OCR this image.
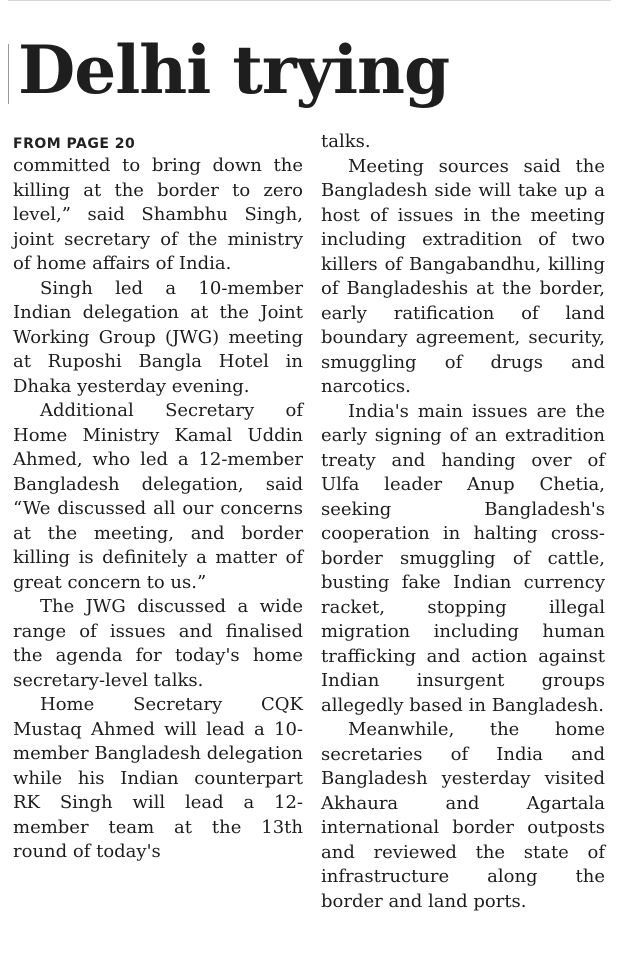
Delhi trying

FROM PAGE 20

committed to bring down the killing at the border to zero level,” said Shambhu Singh, joint secretary of the ministry of home affairs of India.

Singh led a 10-member Indian delegation at the Joint Working Group (JWG) meeting at Ruposhi Bangla Hotel in Dhaka yesterday evening.

Additional Secretary of Home Ministry Kamal Uddin Ahmed, who led a 12-member Bangladesh delegation, said “We discussed all our concerns at the meeting, and border killing is definitely a matter of great concern to us.”

The JWG discussed a wide range of issues and finalised the agenda for today's home secretary-level talks.

Home Secretary CQK Mustaq Ahmed will lead a 10-member Bangladesh delegation while his Indian counterpart RK Singh will lead a 12-member team at the 13th round of today's

talks.

Meeting sources said the Bangladesh side will take up a host of issues in the meeting including extradition of two killers of Bangabandhu, killing of Bangladeshis at the border, early ratification of land boundary agreement, security, smuggling of drugs and narcotics.

India's main issues are the early signing of an extradition treaty and handing over of Ulfa leader Anup Chetia, seeking Bangladesh's cooperation in halting cross-border smuggling of cattle, busting fake Indian currency racket, stopping illegal migration including human trafficking and action against Indian insurgent groups allegedly based in Bangladesh.

Meanwhile, the home secretaries of India and Bangladesh yesterday visited Akhaura and Agartala international border outposts and reviewed the state of infrastructure along the border and land ports.
